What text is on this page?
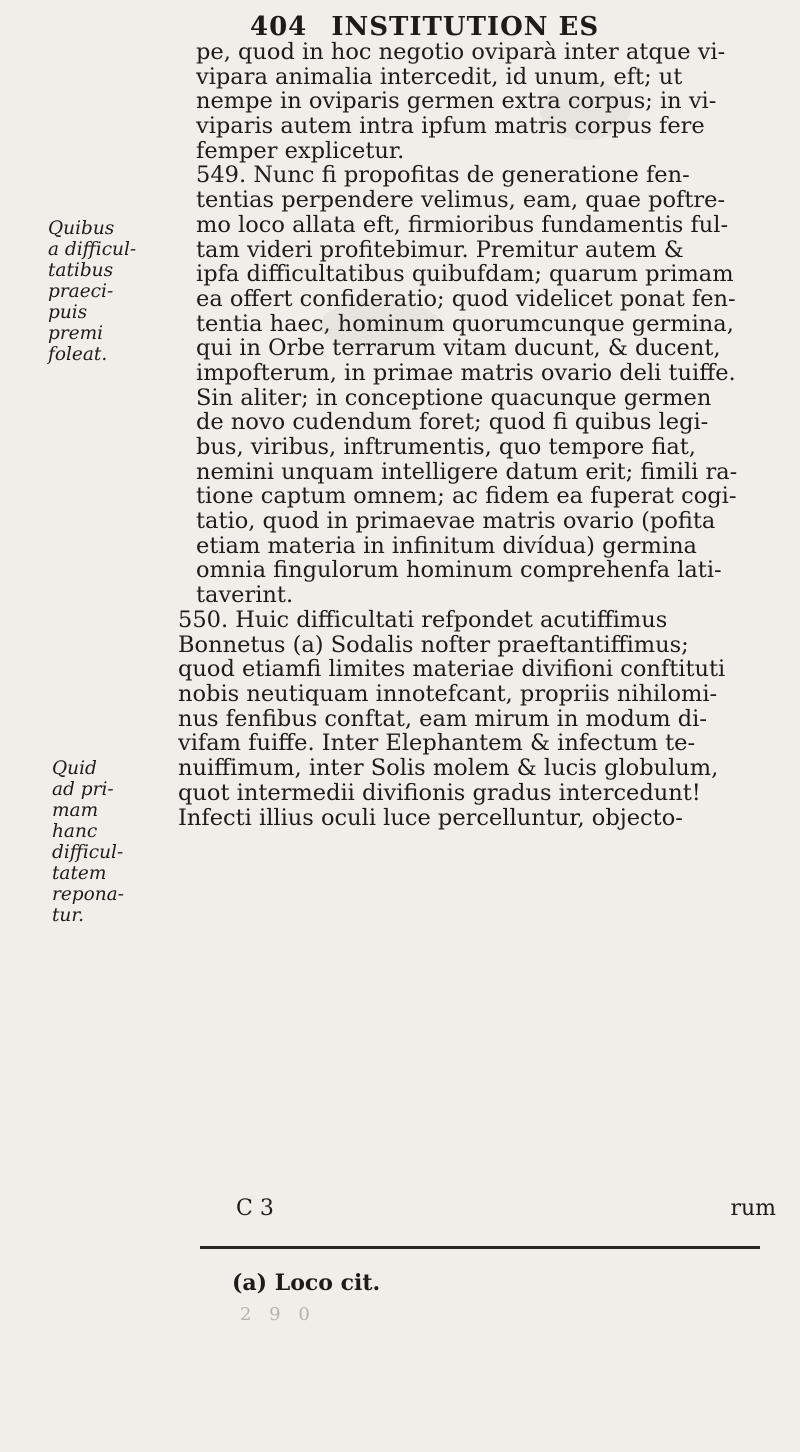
404 INSTITUTION ES
Quibus
a difficul-
tatibus
praeci-
puis
premi
foleat.
pe, quod in hoc negotio oviparà inter atque vi-
vipara animalia intercedit, id unum, eft; ut
nempe in oviparis germen extra corpus; in vi-
viparis autem intra ipfum matris corpus fere
femper explicetur.
549. Nunc fi propofitas de generatione fen-
tentias perpendere velimus, eam, quae poftre-
mo loco allata eft, firmioribus fundamentis ful-
tam videri profitebimur. Premitur autem &
ipfa difficultatibus quibufdam; quarum primam
ea offert confideratio; quod videlicet ponat fen-
tentia haec, hominum quorumcunque germina,
qui in Orbe terrarum vitam ducunt, & ducent,
impofterum, in primae matris ovario deli tuiffe.
Sin aliter; in conceptione quacunque germen
de novo cudendum foret; quod fi quibus legi-
bus, viribus, inftrumentis, quo tempore fiat,
nemini unquam intelligere datum erit; fimili ra-
tione captum omnem; ac fidem ea fuperat cogi-
tatio, quod in primaevae matris ovario (pofita
etiam materia in infinitum divídua) germina
omnia fingulorum hominum comprehenfa lati-
taverint.
Quid
ad pri-
mam
hanc
difficul-
tatem
repona-
tur.
550. Huic difficultati refpondet acutiffimus
Bonnetus (a) Sodalis nofter praeftantiffimus;
quod etiamfi limites materiae divifioni conftituti
nobis neutiquam innotefcant, propriis nihilomi-
nus fenfibus conftat, eam mirum in modum di-
vifam fuiffe. Inter Elephantem & infectum te-
nuiffimum, inter Solis molem & lucis globulum,
quot intermedii divifionis gradus intercedunt!
Infecti illius oculi luce percelluntur, objecto-
C 3	rum
(a) Loco cit.
2 9 0
